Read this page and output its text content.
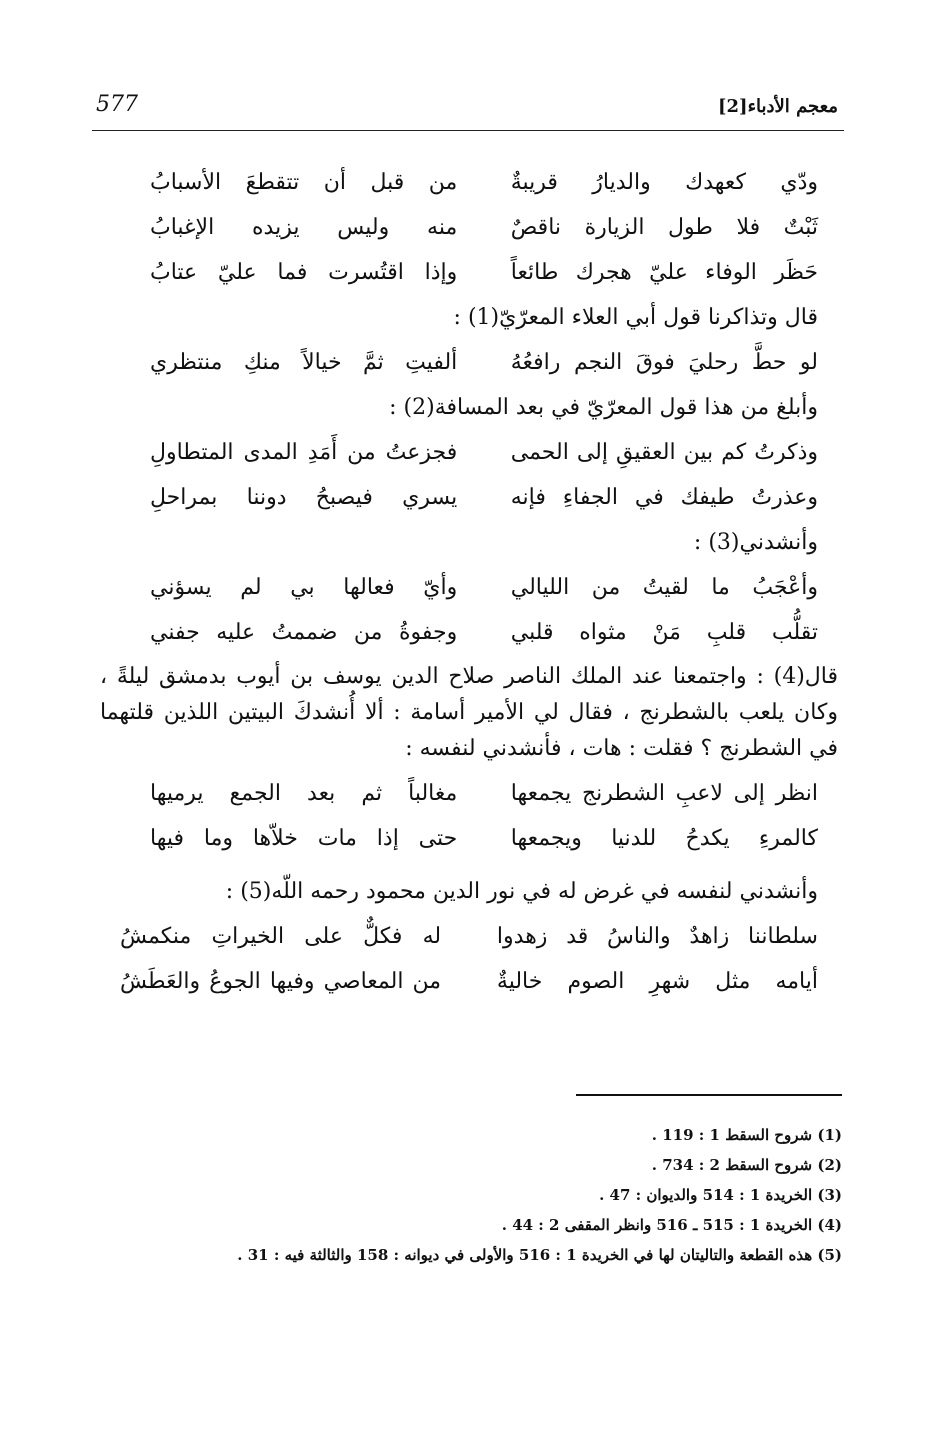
معجم الأدباء[2]
577
ودّي كعهدك والديارُ قريبةٌ
من قبل أن تتقطعَ الأسبابُ
ثَبْتٌ فلا طول الزيارة ناقصٌ
منه وليس يزيده الإغبابُ
حَظَر الوفاء عليّ هجرك طائعاً
وإذا اقتُسرت فما عليّ عتابُ
قال وتذاكرنا قول أبي العلاء المعرّيّ(1) :
لو حطَّ رحليَ فوقَ النجم رافعُهُ
ألفيتِ ثمَّ خيالاً منكِ منتظري
وأبلغ من هذا قول المعرّيّ في بعد المسافة(2) :
وذكرتُ كم بين العقيقِ إلى الحمى
فجزعتُ من أَمَدِ المدى المتطاولِ
وعذرتُ طيفك في الجفاءِ فإنه
يسري فيصبحُ دوننا بمراحلِ
وأنشدني(3) :
وأعْجَبُ ما لقيتُ من الليالي
وأيّ فعالها بي لم يسؤني
تقلُّب قلبِ مَنْ مثواه قلبي
وجفوةُ من ضممتُ عليه جفني
قال(4) : واجتمعنا عند الملك الناصر صلاح الدين يوسف بن أيوب بدمشق ليلةً ، وكان يلعب بالشطرنج ، فقال لي الأمير أسامة : ألا أُنشدكَ البيتين اللذين قلتهما في الشطرنج ؟ فقلت : هات ، فأنشدني لنفسه :
انظر إلى لاعبِ الشطرنج يجمعها
مغالباً ثم بعد الجمع يرميها
كالمرءِ يكدحُ للدنيا ويجمعها
حتى إذا مات خلاّها وما فيها
وأنشدني لنفسه في غرض له في نور الدين محمود رحمه اللّه(5) :
سلطاننا زاهدٌ والناسُ قد زهدوا
له فكلٌّ على الخيراتِ منكمشُ
أيامه مثل شهرِ الصوم خاليةٌ
من المعاصي وفيها الجوعُ والعَطَشُ
(1) شروح السقط 1 : 119 .
(2) شروح السقط 2 : 734 .
(3) الخريدة 1 : 514 والديوان : 47 .
(4) الخريدة 1 : 515 ـ 516 وانظر المقفى 2 : 44 .
(5) هذه القطعة والتاليتان لها في الخريدة 1 : 516 والأولى في ديوانه : 158 والثالثة فيه : 31 .
